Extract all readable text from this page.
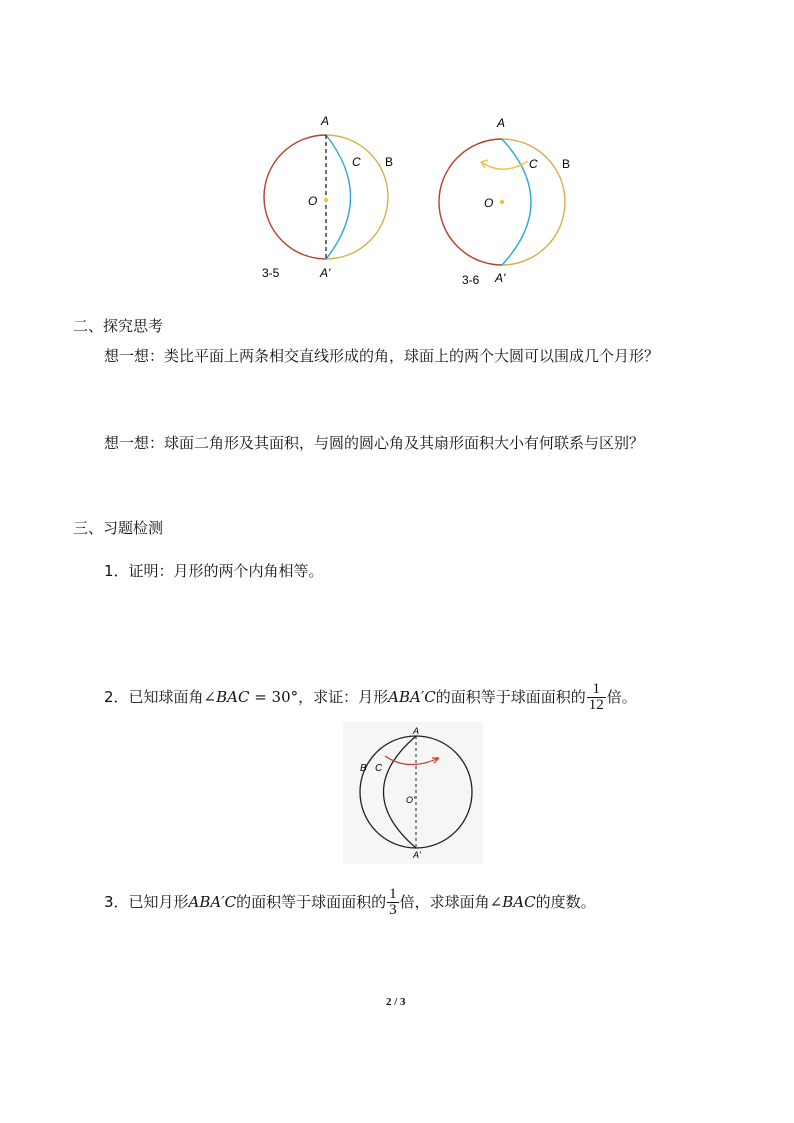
A
C B
O
A'
3-5
A
C B
O
A'
3-6
二、探究思考
想一想：类比平面上两条相交直线形成的角，球面上的两个大圆可以围成几个月形？
想一想：球面二角形及其面积，与圆的圆心角及其扇形面积大小有何联系与区别？
三、习题检测
1．证明：月形的两个内角相等。
2．已知球面角∠BAC = 30°，求证：月形ABA′C的面积等于球面面积的 $\frac{1}{12}$ 倍。
A
B C
O'
A'
3．已知月形ABA′C的面积等于球面面积的 $\frac{1}{3}$ 倍，求球面角∠BAC的度数。
2 / 3
